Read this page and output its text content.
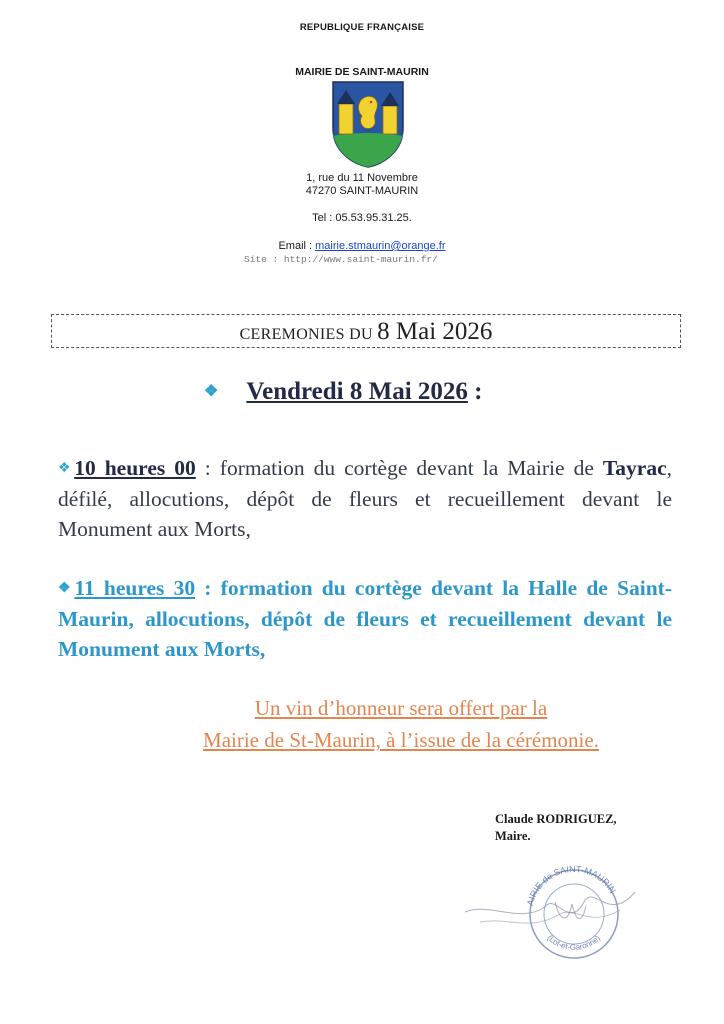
REPUBLIQUE FRANÇAISE
MAIRIE DE SAINT-MAURIN
1, rue du 11 Novembre
47270 SAINT-MAURIN
Tel : 05.53.95.31.25.
Email : mairie.stmaurin@orange.fr
Site : http://www.saint-maurin.fr/
CEREMONIES DU 8 Mai 2026
❖ Vendredi 8 Mai 2026 :
❖10 heures 00 : formation du cortège devant la Mairie de Tayrac, défilé, allocutions, dépôt de fleurs et recueillement devant le Monument aux Morts,
❖11 heures 30 : formation du cortège devant la Halle de Saint-Maurin, allocutions, dépôt de fleurs et recueillement devant le Monument aux Morts,
Un vin d’honneur sera offert par la
Mairie de St-Maurin, à l’issue de la cérémonie.
Claude RODRIGUEZ,
Maire.
AIRIE de SAINT-MAURIN
(Lot-et-Garonne)
